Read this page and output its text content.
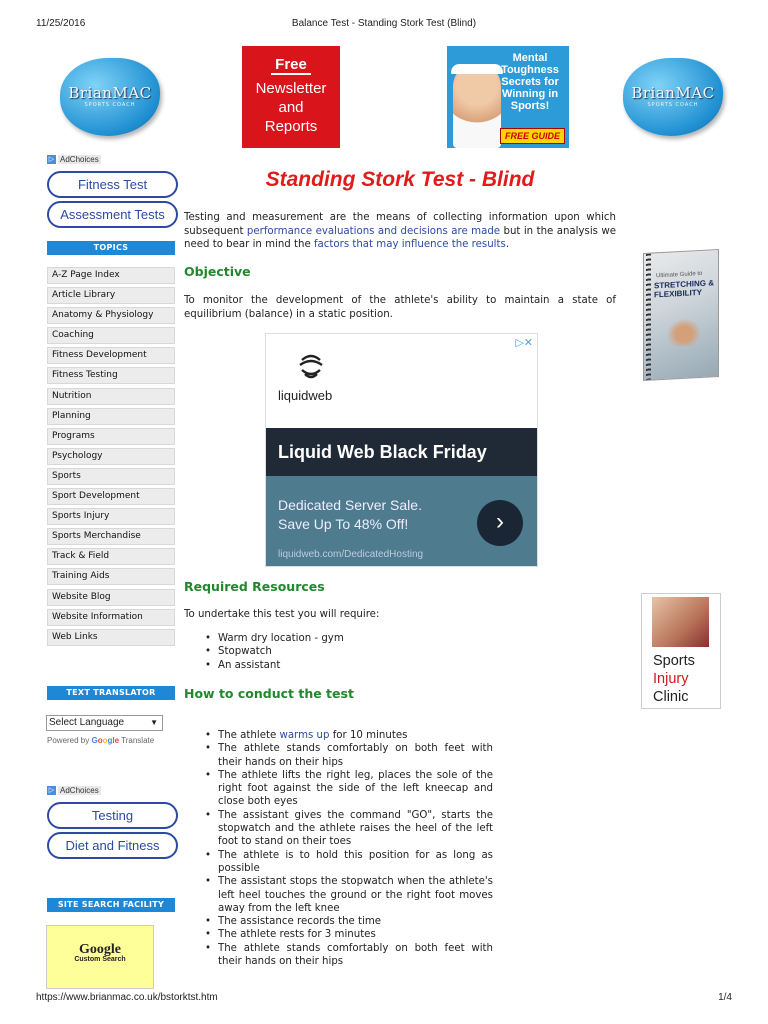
11/25/2016	Balance Test - Standing Stork Test (Blind)
BrianMAC
SPORTS COACH
BrianMAC
SPORTS COACH
Free
Newsletter
and
Reports
Mental Toughness Secrets for Winning in Sports!
FREE GUIDE
▷ AdChoices
Fitness Test
Assessment Tests
TOPICS
A-Z Page Index
Article Library
Anatomy & Physiology
Coaching
Fitness Development
Fitness Testing
Nutrition
Planning
Programs
Psychology
Sports
Sport Development
Sports Injury
Sports Merchandise
Track & Field
Training Aids
Website Blog
Website Information
Web Links
TEXT TRANSLATOR
Select Language	▼
Powered by Google Translate
▷ AdChoices
Testing
Diet and Fitness
SITE SEARCH FACILITY
Google
Custom Search
Standing Stork Test - Blind
Testing and measurement are the means of collecting information upon which subsequent performance evaluations and decisions are made but in the analysis we need to bear in mind the factors that may influence the results.
Objective
To monitor the development of the athlete's ability to maintain a state of equilibrium (balance) in a static position.
▷✕
liquidweb
Liquid Web Black Friday
Dedicated Server Sale.
Save Up To 48% Off!	›
liquidweb.com/DedicatedHosting
Required Resources
To undertake this test you will require:
• Warm dry location - gym
• Stopwatch
• An assistant
How to conduct the test
• The athlete warms up for 10 minutes
• The athlete stands comfortably on both feet with their hands on their hips
• The athlete lifts the right leg, places the sole of the right foot against the side of the left kneecap and close both eyes
• The assistant gives the command "GO", starts the stopwatch and the athlete raises the heel of the left foot to stand on their toes
• The athlete is to hold this position for as long as possible
• The assistant stops the stopwatch when the athlete's left heel touches the ground or the right foot moves away from the left knee
• The assistance records the time
• The athlete rests for 3 minutes
• The athlete stands comfortably on both feet with their hands on their hips
Ultimate Guide to
STRETCHING & FLEXIBILITY
Sports
Injury
Clinic
https://www.brianmac.co.uk/bstorktst.htm	1/4
